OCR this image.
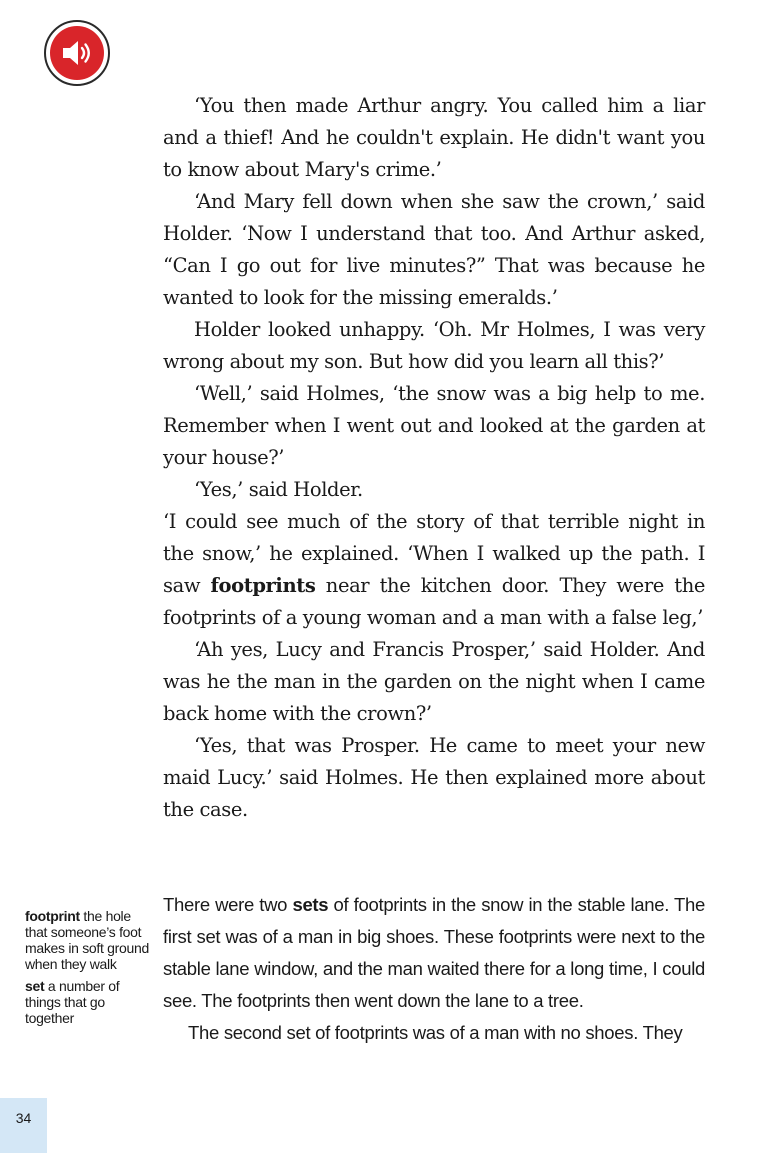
‘You then made Arthur angry. You called him a liar and a thief! And he couldn't explain. He didn't want you to know about Mary's crime.’

‘And Mary fell down when she saw the crown,’ said Holder. ‘Now I understand that too. And Arthur asked, “Can I go out for live minutes?” That was because he wanted to look for the missing emeralds.’

Holder looked unhappy. ‘Oh. Mr Holmes, I was very wrong about my son. But how did you learn all this?’

‘Well,’ said Holmes, ‘the snow was a big help to me. Remember when I went out and looked at the garden at your house?’

‘Yes,’ said Holder.

‘I could see much of the story of that terrible night in the snow,’ he explained. ‘When I walked up the path. I saw footprints near the kitchen door. They were the footprints of a young woman and a man with a false leg,’

‘Ah yes, Lucy and Francis Prosper,’ said Holder. And was he the man in the garden on the night when I came back home with the crown?’

‘Yes, that was Prosper. He came to meet your new maid Lucy.’ said Holmes. He then explained more about the case.

footprint the hole that someone’s foot makes in soft ground when they walk

set a number of things that go together

There were two sets of footprints in the snow in the stable lane. The first set was of a man in big shoes. These footprints were next to the stable lane window, and the man waited there for a long time, I could see. The footprints then went down the lane to a tree.

The second set of footprints was of a man with no shoes. They

34
